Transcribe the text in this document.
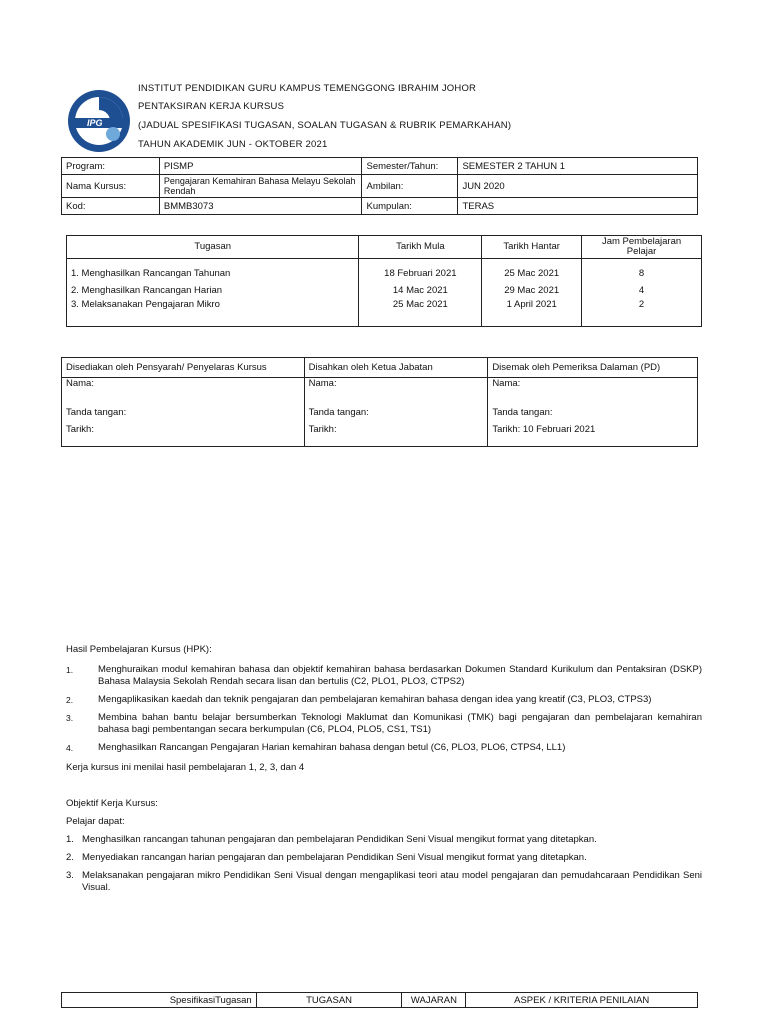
IPG
INSTITUT PENDIDIKAN GURU KAMPUS TEMENGGONG IBRAHIM JOHOR
PENTAKSIRAN KERJA KURSUS
(JADUAL SPESIFIKASI TUGASAN, SOALAN TUGASAN & RUBRIK PEMARKAHAN)
TAHUN AKADEMIK JUN - OKTOBER 2021
Program:	PISMP	Semester/Tahun:	SEMESTER 2 TAHUN 1
Nama Kursus:	Pengajaran Kemahiran Bahasa Melayu Sekolah Rendah	Ambilan:	JUN 2020
Kod:	BMMB3073	Kumpulan:	TERAS
Tugasan	Tarikh Mula	Tarikh Hantar	Jam Pembelajaran Pelajar
1. Menghasilkan Rancangan Tahunan	18 Februari 2021	25 Mac 2021	8
2. Menghasilkan Rancangan Harian	14 Mac 2021	29 Mac 2021	4
3. Melaksanakan Pengajaran Mikro	25 Mac 2021	1 April 2021	2
Disediakan oleh Pensyarah/ Penyelaras Kursus	Disahkan oleh Ketua Jabatan	Disemak oleh Pemeriksa Dalaman (PD)
Nama:	Nama:	Nama:
Tanda tangan:	Tanda tangan:	Tanda tangan:
Tarikh:	Tarikh:	Tarikh: 10 Februari 2021
Hasil Pembelajaran Kursus (HPK):
1.	Menghuraikan modul kemahiran bahasa dan objektif kemahiran bahasa berdasarkan Dokumen Standard Kurikulum dan Pentaksiran (DSKP) Bahasa Malaysia Sekolah Rendah secara lisan dan bertulis (C2, PLO1, PLO3, CTPS2)
2.	Mengaplikasikan kaedah dan teknik pengajaran dan pembelajaran kemahiran bahasa dengan idea yang kreatif (C3, PLO3, CTPS3)
3.	Membina bahan bantu belajar bersumberkan Teknologi Maklumat dan Komunikasi (TMK) bagi pengajaran dan pembelajaran kemahiran bahasa bagi pembentangan secara berkumpulan (C6, PLO4, PLO5, CS1, TS1)
4.	Menghasilkan Rancangan Pengajaran Harian kemahiran bahasa dengan betul (C6, PLO3, PLO6, CTPS4, LL1)
Kerja kursus ini menilai hasil pembelajaran 1, 2, 3, dan 4
Objektif Kerja Kursus:
Pelajar dapat:
1. Menghasilkan rancangan tahunan pengajaran dan pembelajaran Pendidikan Seni Visual mengikut format yang ditetapkan.
2. Menyediakan rancangan harian pengajaran dan pembelajaran Pendidikan Seni Visual mengikut format yang ditetapkan.
3. Melaksanakan pengajaran mikro Pendidikan Seni Visual dengan mengaplikasi teori atau model pengajaran dan pemudahcaraan Pendidikan Seni Visual.
SpesifikasiTugasan	TUGASAN	WAJARAN	ASPEK / KRITERIA PENILAIAN
